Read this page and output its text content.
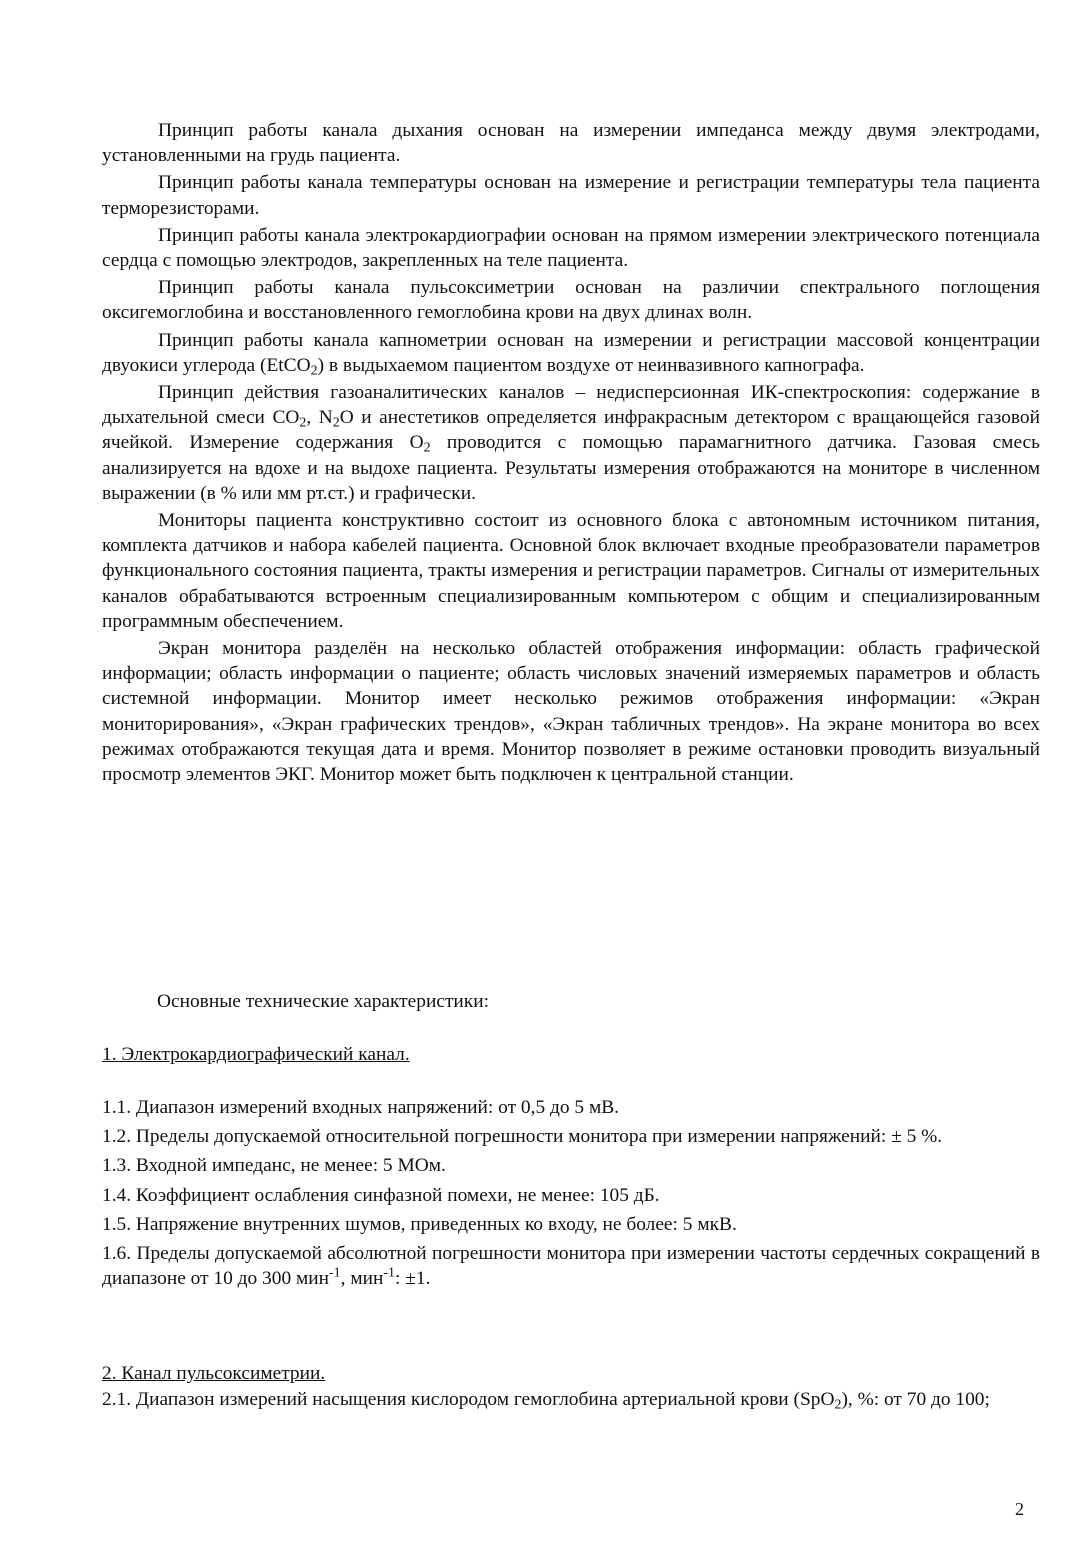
Принцип работы канала дыхания основан на измерении импеданса между двумя электродами, установленными на грудь пациента.

Принцип работы канала температуры основан на измерение и регистрации температуры тела пациента терморезисторами.

Принцип работы канала электрокардиографии основан на прямом измерении электрического потенциала сердца с помощью электродов, закрепленных на теле пациента.

Принцип работы канала пульсоксиметрии основан на различии спектрального поглощения оксигемоглобина и восстановленного гемоглобина крови на двух длинах волн.

Принцип работы канала капнометрии основан на измерении и регистрации массовой концентрации двуокиси углерода (EtCO$_2$) в выдыхаемом пациентом воздухе от неинвазивного капнографа.

Принцип действия газоаналитических каналов – недисперсионная ИК-спектроскопия: содержание в дыхательной смеси $CO_2$, $N_2O$ и анестетиков определяется инфракрасным детектором с вращающейся газовой ячейкой. Измерение содержания $O_2$ проводится с помощью парамагнитного датчика. Газовая смесь анализируется на вдохе и на выдохе пациента. Результаты измерения отображаются на мониторе в численном выражении (в % или мм рт.ст.) и графически.

Мониторы пациента конструктивно состоит из основного блока с автономным источником питания, комплекта датчиков и набора кабелей пациента. Основной блок включает входные преобразователи параметров функционального состояния пациента, тракты измерения и регистрации параметров. Сигналы от измерительных каналов обрабатываются встроенным специализированным компьютером с общим и специализированным программным обеспечением.

Экран монитора разделён на несколько областей отображения информации: область графической информации; область информации о пациенте; область числовых значений измеряемых параметров и область системной информации. Монитор имеет несколько режимов отображения информации: «Экран мониторирования», «Экран графических трендов», «Экран табличных трендов». На экране монитора во всех режимах отображаются текущая дата и время. Монитор позволяет в режиме остановки проводить визуальный просмотр элементов ЭКГ. Монитор может быть подключен к центральной станции.

Основные технические характеристики:

1. Электрокардиографический канал.

1.1. Диапазон измерений входных напряжений: от 0,5 до 5 мВ.

1.2. Пределы допускаемой относительной погрешности монитора при измерении напряжений: ± 5 %.

1.3. Входной импеданс, не менее: 5 МОм.

1.4. Коэффициент ослабления синфазной помехи, не менее: 105 дБ.

1.5. Напряжение внутренних шумов, приведенных ко входу, не более: 5 мкВ.

1.6. Пределы допускаемой абсолютной погрешности монитора при измерении частоты сердечных сокращений в диапазоне от 10 до 300 мин$^{-1}$, мин$^{-1}$: ±1.

2. Канал пульсоксиметрии.

2.1. Диапазон измерений насыщения кислородом гемоглобина артериальной крови (SpO$_2$), %: от 70 до 100;

2
